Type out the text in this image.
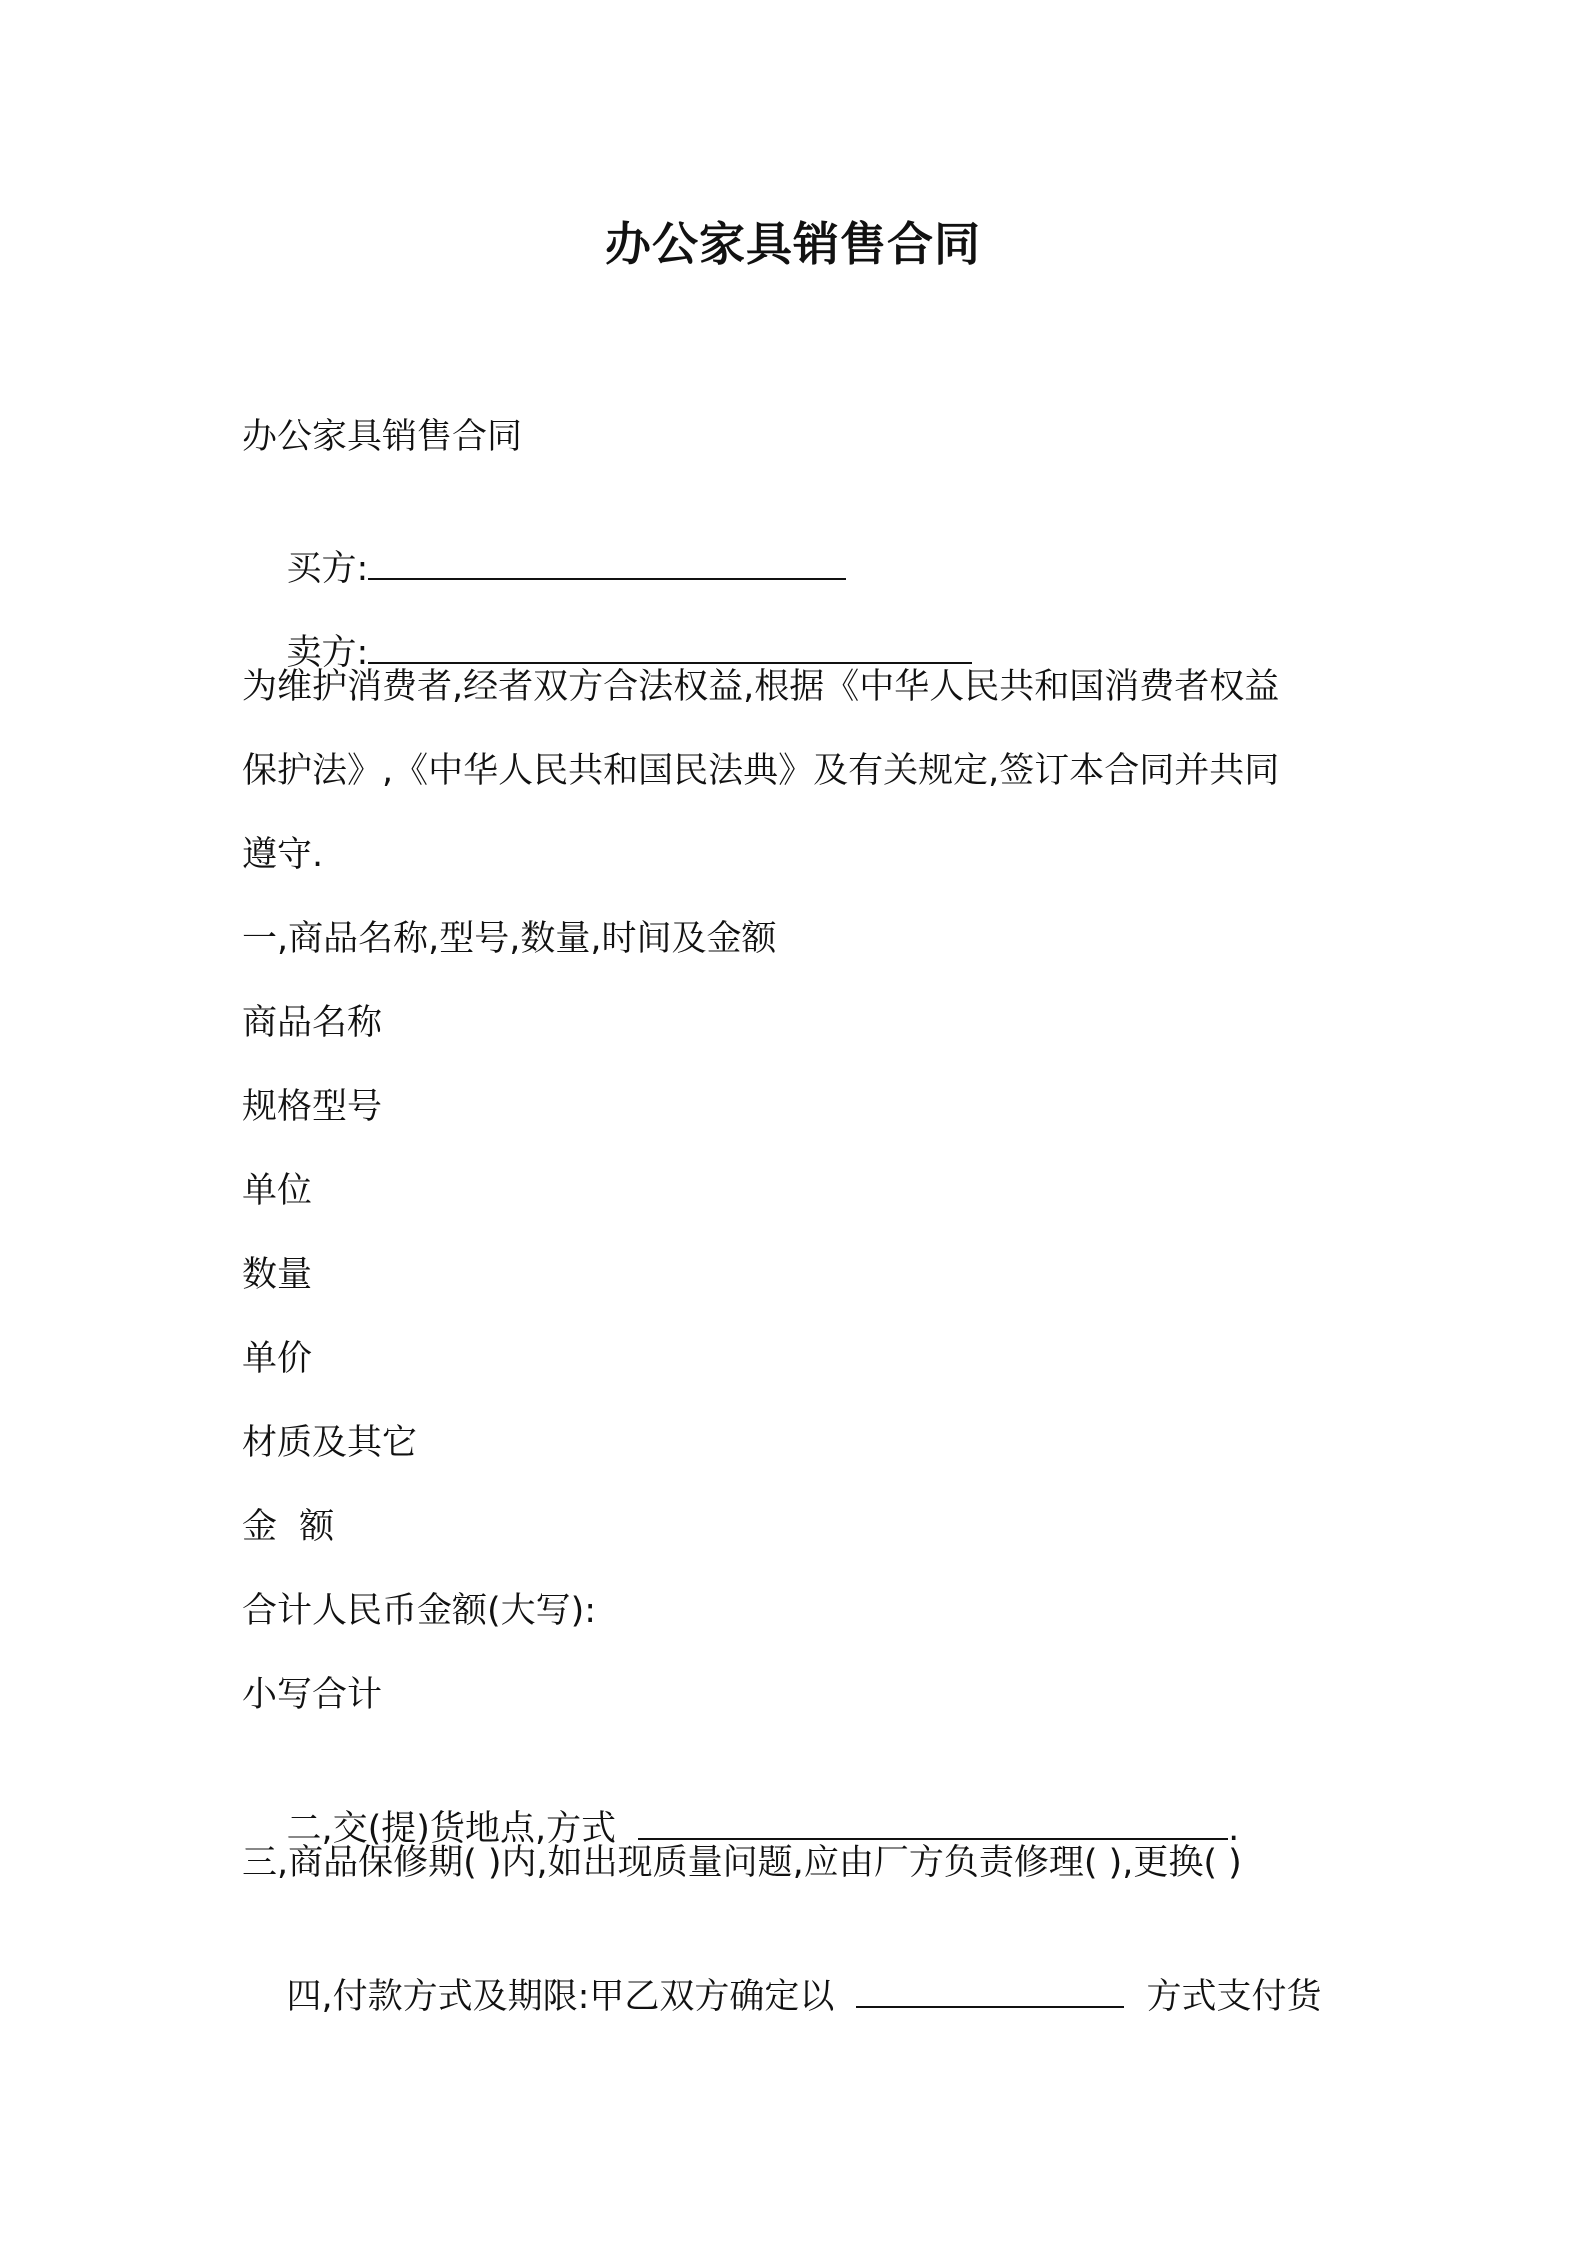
办公家具销售合同
办公家具销售合同

买方:

卖方:

为维护消费者,经者双方合法权益,根据《中华人民共和国消费者权益
保护法》,《中华人民共和国民法典》及有关规定,签订本合同并共同
遵守.
一,商品名称,型号,数量,时间及金额
商品名称
规格型号
单位
数量
单价
材质及其它
金  额
合计人民币金额(大写):
小写合计

二,交(提)货地点,方式	.

三,商品保修期( )内,如出现质量问题,应由厂方负责修理( ),更换( )

四,付款方式及期限:甲乙双方确定以	方式支付货
